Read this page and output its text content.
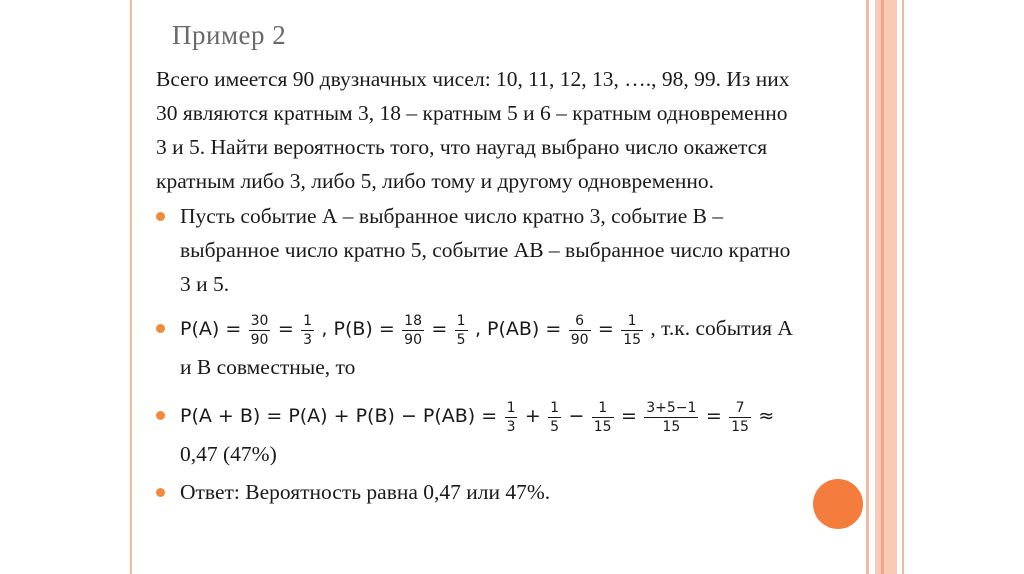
Пример 2
Всего имеется 90 двузначных чисел: 10, 11, 12, 13, …., 98, 99. Из них
30 являются кратным 3, 18 – кратным 5 и 6 – кратным одновременно
3 и 5. Найти вероятность того, что наугад выбрано число окажется
кратным либо 3, либо 5, либо тому и другому одновременно.
Пусть событие А – выбранное число кратно 3, событие В –
выбранное число кратно 5, событие АВ – выбранное число кратно
3 и 5.
$P(A) = \frac{30}{90} = \frac{1}{3}$ , $P(B) = \frac{18}{90} = \frac{1}{5}$ , $P(AB) = \frac{6}{90} = \frac{1}{15}$ , т.к. события А
и В совместные, то
$P(A + B) = P(A) + P(B) - P(AB) = \frac{1}{3} + \frac{1}{5} - \frac{1}{15} = \frac{3+5-1}{15} = \frac{7}{15}$ ≈
0,47 (47%)
Ответ: Вероятность равна 0,47 или 47%.
